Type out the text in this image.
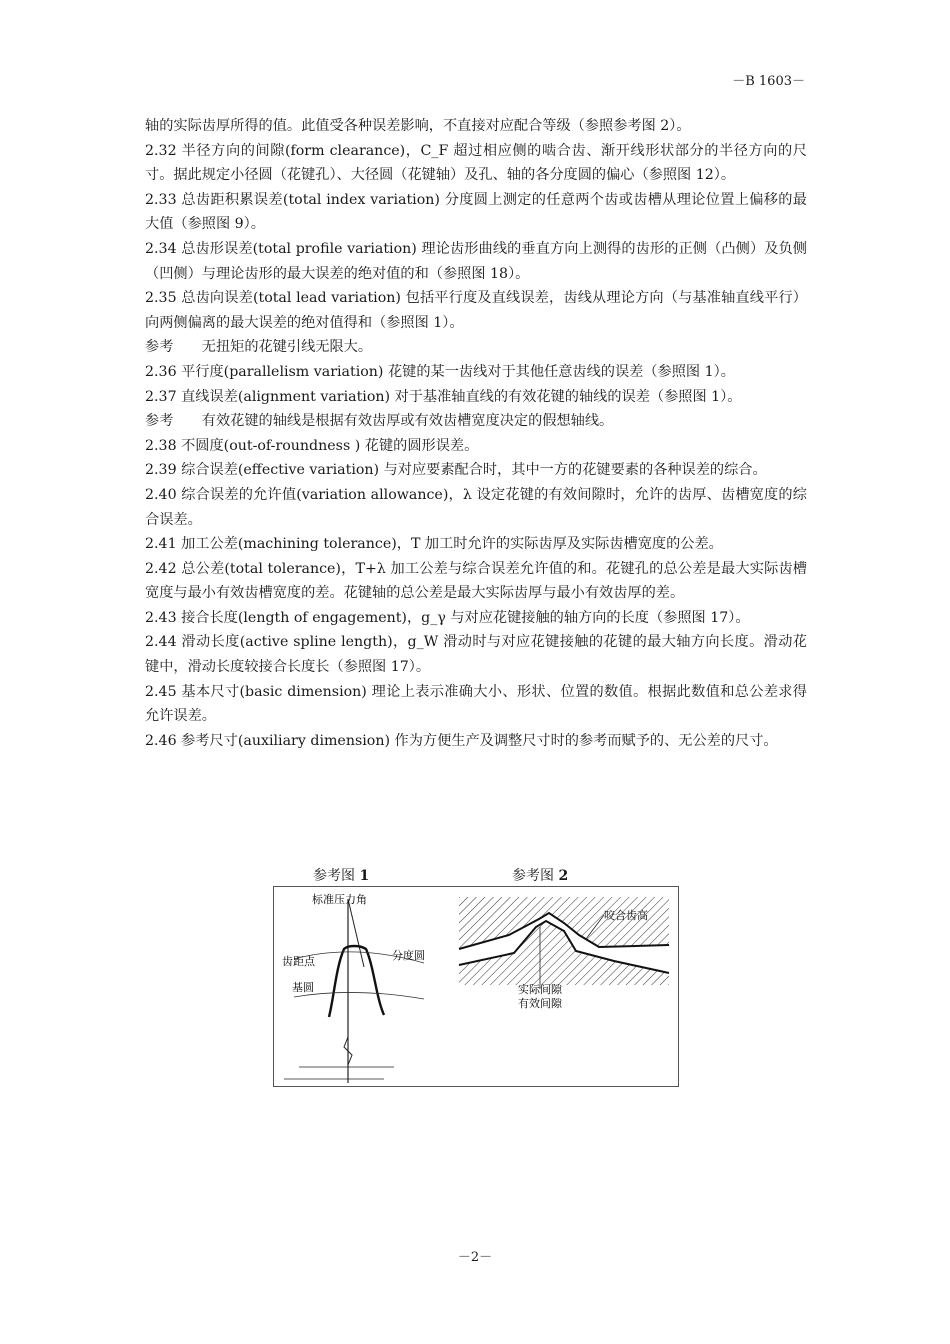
－B 1603－

轴的实际齿厚所得的值。此值受各种误差影响，不直接对应配合等级（参照参考图 2）。

2.32 半径方向的间隙(form clearance)，C_F 超过相应侧的啮合齿、渐开线形状部分的半径方向的尺寸。据此规定小径圆（花键孔）、大径圆（花键轴）及孔、轴的各分度圆的偏心（参照图 12）。

2.33 总齿距积累误差(total index variation) 分度圆上测定的任意两个齿或齿槽从理论位置上偏移的最大值（参照图 9）。

2.34 总齿形误差(total profile variation) 理论齿形曲线的垂直方向上测得的齿形的正侧（凸侧）及负侧（凹侧）与理论齿形的最大误差的绝对值的和（参照图 18）。

2.35 总齿向误差(total lead variation) 包括平行度及直线误差，齿线从理论方向（与基准轴直线平行）向两侧偏离的最大误差的绝对值得和（参照图 1）。

参考　　无扭矩的花键引线无限大。

2.36 平行度(parallelism variation) 花键的某一齿线对于其他任意齿线的误差（参照图 1）。

2.37 直线误差(alignment variation) 对于基准轴直线的有效花键的轴线的误差（参照图 1）。

参考　　有效花键的轴线是根据有效齿厚或有效齿槽宽度决定的假想轴线。

2.38 不圆度(out-of-roundness ) 花键的圆形误差。

2.39 综合误差(effective variation) 与对应要素配合时，其中一方的花键要素的各种误差的综合。

2.40 综合误差的允许值(variation allowance)，λ 设定花键的有效间隙时，允许的齿厚、齿槽宽度的综合误差。

2.41 加工公差(machining tolerance)，T 加工时允许的实际齿厚及实际齿槽宽度的公差。

2.42 总公差(total tolerance)，T+λ 加工公差与综合误差允许值的和。花键孔的总公差是最大实际齿槽宽度与最小有效齿槽宽度的差。花键轴的总公差是最大实际齿厚与最小有效齿厚的差。

2.43 接合长度(length of engagement)，g_γ 与对应花键接触的轴方向的长度（参照图 17）。

2.44 滑动长度(active spline length)，g_W 滑动时与对应花键接触的花键的最大轴方向长度。滑动花键中，滑动长度较接合长度长（参照图 17）。

2.45 基本尺寸(basic dimension) 理论上表示准确大小、形状、位置的数值。根据此数值和总公差求得允许误差。

2.46 参考尺寸(auxiliary dimension) 作为方便生产及调整尺寸时的参考而赋予的、无公差的尺寸。

参考图 1	参考图 2
标准压力角
齿距点	分度圆
基圆
咬合齿高
实际间隙
有效间隙
－2－
